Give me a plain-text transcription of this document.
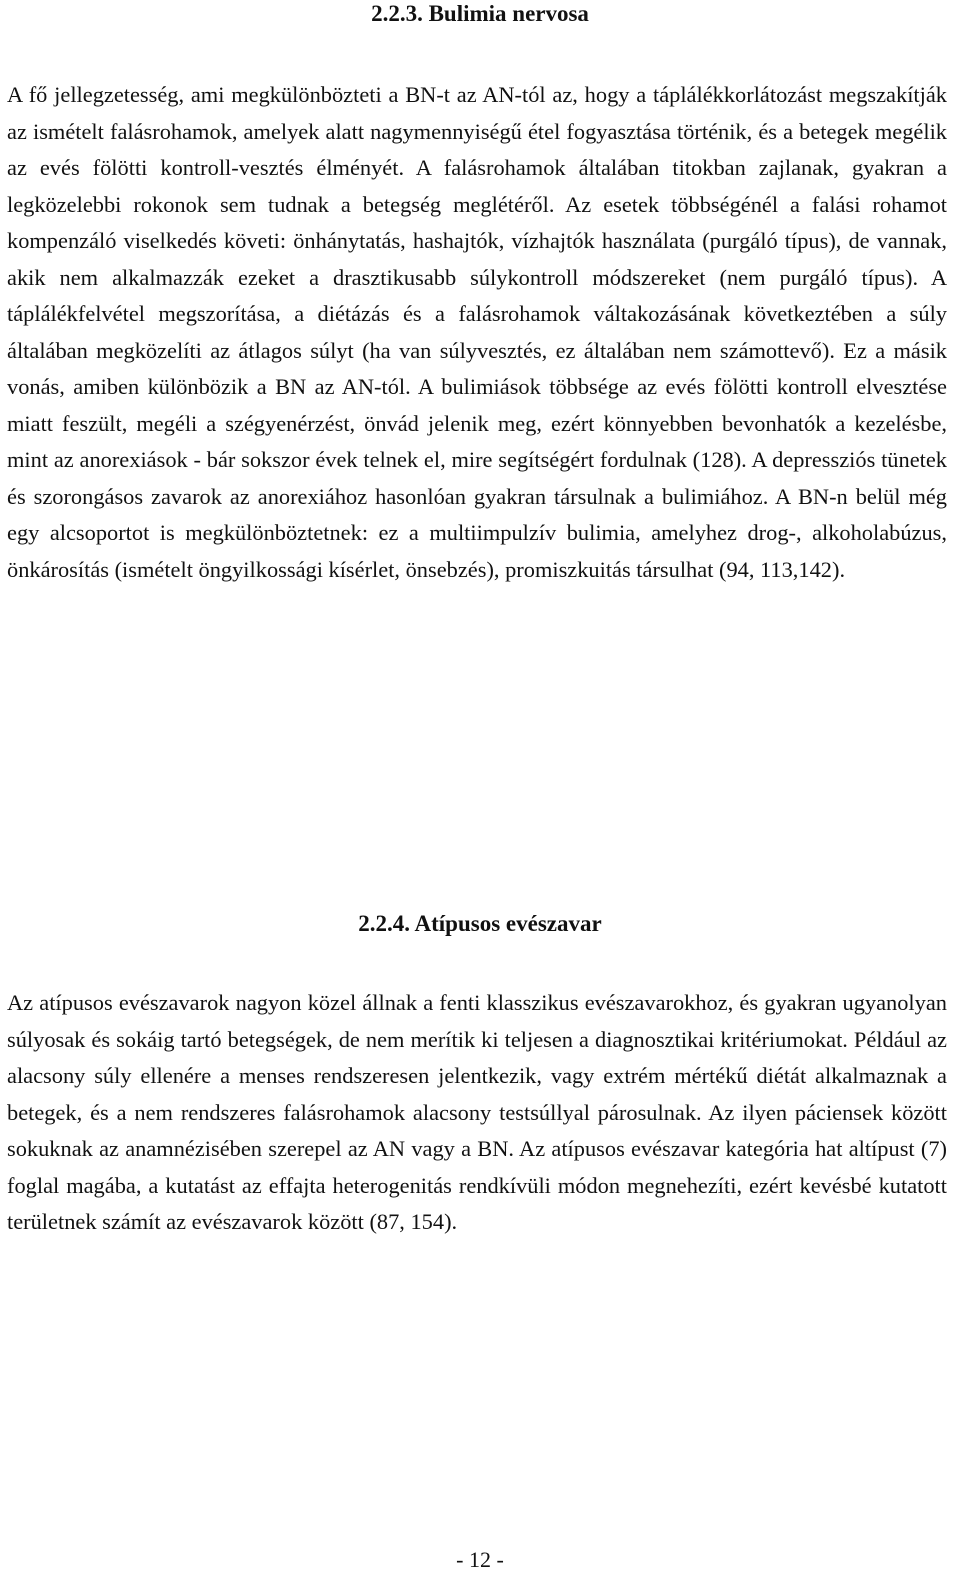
2.2.3. Bulimia nervosa

A fő jellegzetesség, ami megkülönbözteti a BN-t az AN-tól az, hogy a táplálékkorlátozást megszakítják az ismételt falásrohamok, amelyek alatt nagymennyiségű étel fogyasztása történik, és a betegek megélik az evés fölötti kontroll-vesztés élményét. A falásrohamok általában titokban zajlanak, gyakran a legközelebbi rokonok sem tudnak a betegség meglétéről. Az esetek többségénél a falási rohamot kompenzáló viselkedés követi: önhánytatás, hashajtók, vízhajtók használata (purgáló típus), de vannak, akik nem alkalmazzák ezeket a drasztikusabb súlykontroll módszereket (nem purgáló típus). A táplálékfelvétel megszorítása, a diétázás és a falásrohamok váltakozásának következtében a súly általában megközelíti az átlagos súlyt (ha van súlyvesztés, ez általában nem számottevő). Ez a másik vonás, amiben különbözik a BN az AN-tól. A bulimiások többsége az evés fölötti kontroll elvesztése miatt feszült, megéli a szégyenérzést, önvád jelenik meg, ezért könnyebben bevonhatók a kezelésbe, mint az anorexiások - bár sokszor évek telnek el, mire segítségért fordulnak (128). A depressziós tünetek és szorongásos zavarok az anorexiához hasonlóan gyakran társulnak a bulimiához. A BN-n belül még egy alcsoportot is megkülönböztetnek: ez a multiimpulzív bulimia, amelyhez drog-, alkoholabúzus, önkárosítás (ismételt öngyilkossági kísérlet, önsebzés), promiszkuitás társulhat (94, 113,142).

2.2.4. Atípusos evészavar

Az atípusos evészavarok nagyon közel állnak a fenti klasszikus evészavarokhoz, és gyakran ugyanolyan súlyosak és sokáig tartó betegségek, de nem merítik ki teljesen a diagnosztikai kritériumokat. Például az alacsony súly ellenére a menses rendszeresen jelentkezik, vagy extrém mértékű diétát alkalmaznak a betegek, és a nem rendszeres falásrohamok alacsony testsúllyal párosulnak. Az ilyen páciensek között sokuknak az anamnézisében szerepel az AN vagy a BN. Az atípusos evészavar kategória hat altípust (7) foglal magába, a kutatást az effajta heterogenitás rendkívüli módon megnehezíti, ezért kevésbé kutatott területnek számít az evészavarok között (87, 154).

- 12 -
